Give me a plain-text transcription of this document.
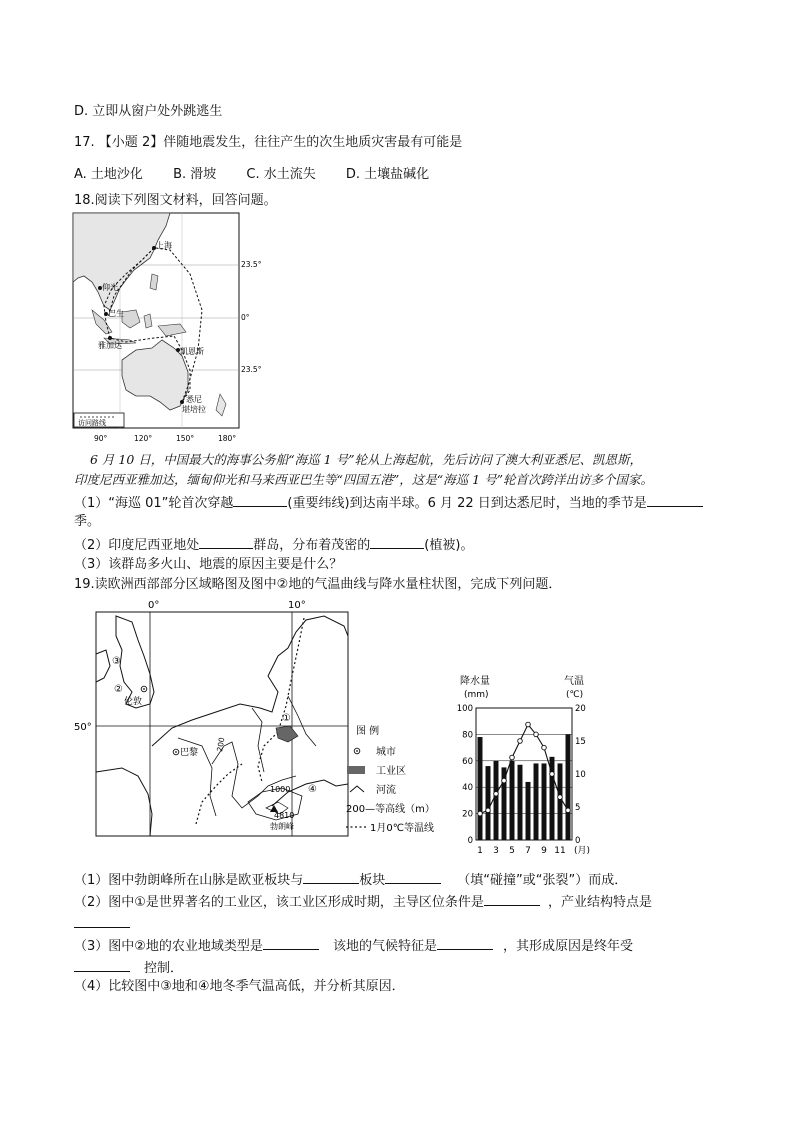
D. 立即从窗户处外跳逃生
17. 【小题 2】伴随地震发生，往往产生的次生地质灾害最有可能是
A. 土地沙化 B. 滑坡 C. 水土流失 D. 土壤盐碱化
18.阅读下列图文材料，回答问题。
上海
仰光
巴生
雅加达
凯恩斯
悉尼
堪培拉
23.5°
0°
23.5°
访问路线
90°	120°	150°	180°
6 月 10 日，中国最大的海事公务船“海巡 1 号”轮从上海起航，先后访问了澳大利亚悉尼、凯恩斯，
印度尼西亚雅加达，缅甸仰光和马来西亚巴生等“四国五港”，这是“海巡 1 号”轮首次跨洋出访多个国家。
（1）“海巡 01”轮首次穿越	(重要纬线)到达南半球。6 月 22 日到达悉尼时，当地的季节是
季。
（2）印度尼西亚地处	群岛，分布着茂密的	(植被)。
（3）该群岛多火山、地震的原因主要是什么？
19.读欧洲西部部分区域略图及图中②地的气温曲线与降水量柱状图，完成下列问题．
0°	10°
50°
③
②
①
④
伦敦
巴黎
200
1000
4810
勃朗峰
图 例
城市
工业区
河流
200—等高线（m）
1月0℃等温线
降水量
(mm)
气温
(℃)
0
20
40
60
80
100
0
5
10
15
20
1 3 5 7 9 11 (月)
（1）图中勃朗峰所在山脉是欧亚板块与	板块	（填“碰撞”或“张裂”）而成．
（2）图中①是世界著名的工业区，该工业区形成时期，主导区位条件是	，产业结构特点是
（3）图中②地的农业地域类型是	该地的气候特征是	，其形成原因是终年受
控制．
（4）比较图中③地和④地冬季气温高低，并分析其原因．
